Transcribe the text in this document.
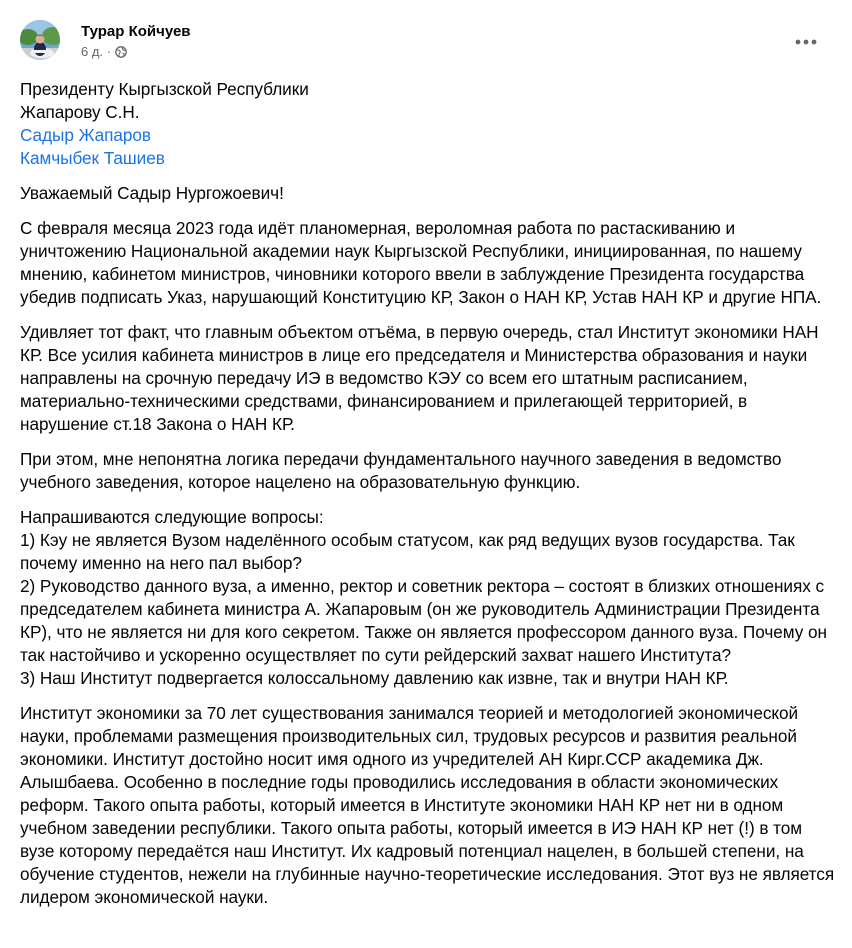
Турар Койчуев
6 д. ·

Президенту Кыргызской Республики
Жапарову С.Н.
Садыр Жапаров
Камчыбек Ташиев

Уважаемый Садыр Нургожоевич!

С февраля месяца 2023 года идёт планомерная, вероломная работа по растаскиванию и уничтожению Национальной академии наук Кыргызской Республики, инициированная, по нашему мнению, кабинетом министров, чиновники которого ввели в заблуждение Президента государства убедив подписать Указ, нарушающий Конституцию КР, Закон о НАН КР, Устав НАН КР и другие НПА.

Удивляет тот факт, что главным объектом отъёма, в первую очередь, стал Институт экономики НАН КР. Все усилия кабинета министров в лице его председателя и Министерства образования и науки направлены на срочную передачу ИЭ в ведомство КЭУ со всем его штатным расписанием, материально-техническими средствами, финансированием и прилегающей территорией, в нарушение ст.18 Закона о НАН КР.

При этом, мне непонятна логика передачи фундаментального научного заведения в ведомство учебного заведения, которое нацелено на образовательную функцию.

Напрашиваются следующие вопросы:
1) Кэу не является Вузом наделённого особым статусом, как ряд ведущих вузов государства. Так почему именно на него пал выбор?
2) Руководство данного вуза, а именно, ректор и советник ректора – состоят в близких отношениях с председателем кабинета министра А. Жапаровым (он же руководитель Администрации Президента КР), что не является ни для кого секретом. Также он является профессором данного вуза. Почему он так настойчиво и ускоренно осуществляет по сути рейдерский захват нашего Института?
3) Наш Институт подвергается колоссальному давлению как извне, так и внутри НАН КР.

Институт экономики за 70 лет существования занимался теорией и методологией экономической науки, проблемами размещения производительных сил, трудовых ресурсов и развития реальной экономики. Институт достойно носит имя одного из учредителей АН Кирг.ССР академика Дж. Алышбаева. Особенно в последние годы проводились исследования в области экономических реформ. Такого опыта работы, который имеется в Институте экономики НАН КР нет ни в одном учебном заведении республики. Такого опыта работы, который имеется в ИЭ НАН КР нет (!) в том вузе которому передаётся наш Институт. Их кадровый потенциал нацелен, в большей степени, на обучение студентов, нежели на глубинные научно-теоретические исследования. Этот вуз не является лидером экономической науки.
